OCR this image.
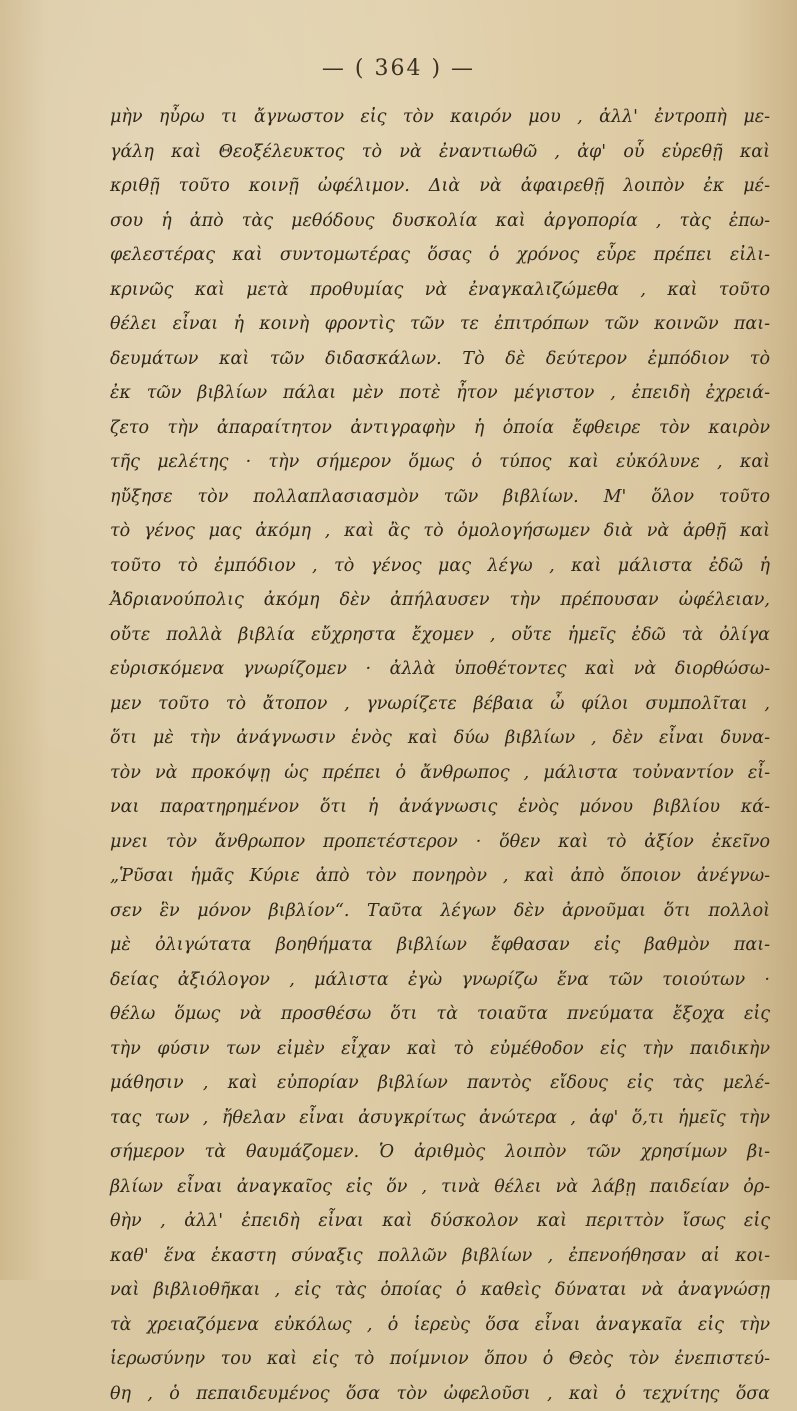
— ( 364 ) —
μὴν ηὖρω τι ἄγνωστον εἰς τὸν καιρόν μου , ἀλλ' ἐντροπὴ με-
γάλη καὶ Θεοξέλευκτος τὸ νὰ ἐναντιωθῶ , ἀφ' οὗ εὑρεθῇ καὶ
κριθῇ τοῦτο κοινῇ ὠφέλιμον. Διὰ νὰ ἀφαιρεθῇ λοιπὸν ἐκ μέ-
σου ἡ ἀπὸ τὰς μεθόδους δυσκολία καὶ ἀργοπορία , τὰς ἐπω-
φελεστέρας καὶ συντομωτέρας ὅσας ὁ χρόνος εὗρε πρέπει εἰλι-
κρινῶς καὶ μετὰ προθυμίας νὰ ἐναγκαλιζώμεθα , καὶ τοῦτο
θέλει εἶναι ἡ κοινὴ φροντὶς τῶν τε ἐπιτρόπων τῶν κοινῶν παι-
δευμάτων καὶ τῶν διδασκάλων. Τὸ δὲ δεύτερον ἐμπόδιον τὸ
ἐκ τῶν βιβλίων πάλαι μὲν ποτὲ ἦτον μέγιστον , ἐπειδὴ ἐχρειά-
ζετο τὴν ἀπαραίτητον ἀντιγραφὴν ἡ ὁποία ἔφθειρε τὸν καιρὸν
τῆς μελέτης · τὴν σήμερον ὅμως ὁ τύπος καὶ εὐκόλυνε , καὶ
ηὔξησε τὸν πολλαπλασιασμὸν τῶν βιβλίων. Μ' ὅλον τοῦτο
τὸ γένος μας ἀκόμη , καὶ ἂς τὸ ὁμολογήσωμεν διὰ νὰ ἀρθῇ καὶ
τοῦτο τὸ ἐμπόδιον , τὸ γένος μας λέγω , καὶ μάλιστα ἐδῶ ἡ
Ἀδριανούπολις ἀκόμη δὲν ἀπήλαυσεν τὴν πρέπουσαν ὠφέλειαν,
οὔτε πολλὰ βιβλία εὔχρηστα ἔχομεν , οὔτε ἡμεῖς ἐδῶ τὰ ὀλίγα
εὑρισκόμενα γνωρίζομεν · ἀλλὰ ὑποθέτοντες καὶ νὰ διορθώσω-
μεν τοῦτο τὸ ἄτοπον , γνωρίζετε βέβαια ὦ φίλοι συμπολῖται ,
ὅτι μὲ τὴν ἀνάγνωσιν ἑνὸς καὶ δύω βιβλίων , δὲν εἶναι δυνα-
τὸν νὰ προκόψῃ ὡς πρέπει ὁ ἄνθρωπος , μάλιστα τοὐναντίον εἶ-
ναι παρατηρημένον ὅτι ἡ ἀνάγνωσις ἑνὸς μόνου βιβλίου κά-
μνει τὸν ἄνθρωπον προπετέστερον · ὅθεν καὶ τὸ ἀξίον ἐκεῖνο
„Ῥῦσαι ἡμᾶς Κύριε ἀπὸ τὸν πονηρὸν , καὶ ἀπὸ ὅποιον ἀνέγνω-
σεν ἓν μόνον βιβλίον“. Ταῦτα λέγων δὲν ἀρνοῦμαι ὅτι πολλοὶ
μὲ ὀλιγώτατα βοηθήματα βιβλίων ἔφθασαν εἰς βαθμὸν παι-
δείας ἀξιόλογον , μάλιστα ἐγὼ γνωρίζω ἕνα τῶν τοιούτων ·
θέλω ὅμως νὰ προσθέσω ὅτι τὰ τοιαῦτα πνεύματα ἔξοχα εἰς
τὴν φύσιν των εἰμὲν εἶχαν καὶ τὸ εὐμέθοδον εἰς τὴν παιδικὴν
μάθησιν , καὶ εὐπορίαν βιβλίων παντὸς εἴδους εἰς τὰς μελέ-
τας των , ἤθελαν εἶναι ἀσυγκρίτως ἀνώτερα , ἀφ' ὅ,τι ἡμεῖς τὴν
σήμερον τὰ θαυμάζομεν. Ὁ ἀριθμὸς λοιπὸν τῶν χρησίμων βι-
βλίων εἶναι ἀναγκαῖος εἰς ὅν , τινὰ θέλει νὰ λάβῃ παιδείαν ὀρ-
θὴν , ἀλλ' ἐπειδὴ εἶναι καὶ δύσκολον καὶ περιττὸν ἴσως εἰς
καθ' ἕνα ἑκαστη σύναξις πολλῶν βιβλίων , ἐπενοήθησαν αἱ κοι-
ναὶ βιβλιοθῆκαι , εἰς τὰς ὁποίας ὁ καθεὶς δύναται νὰ ἀναγνώσῃ
τὰ χρειαζόμενα εὐκόλως , ὁ ἱερεὺς ὅσα εἶναι ἀναγκαῖα εἰς τὴν
ἱερωσύνην του καὶ εἰς τὸ ποίμνιον ὅπου ὁ Θεὸς τὸν ἐνεπιστεύ-
θη , ὁ πεπαιδευμένος ὅσα τὸν ὠφελοῦσι , καὶ ὁ τεχνίτης ὅσα
